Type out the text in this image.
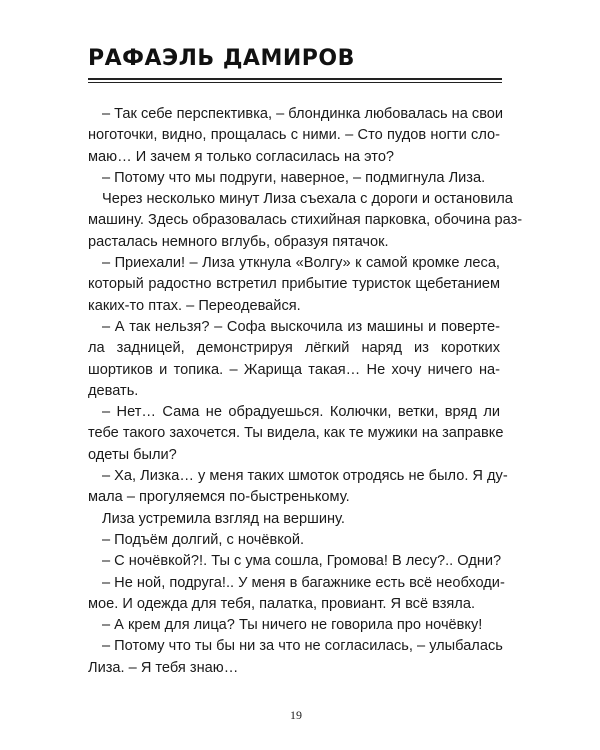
РАФАЭЛЬ ДАМИРОВ
– Так себе перспективка, – блондинка любовалась на свои
ноготочки, видно, прощалась с ними. – Сто пудов ногти сло-
маю… И зачем я только согласилась на это?
– Потому что мы подруги, наверное, – подмигнула Лиза.
Через несколько минут Лиза съехала с дороги и остановила
машину. Здесь образовалась стихийная парковка, обочина раз-
расталась немного вглубь, образуя пятачок.
– Приехали! – Лиза уткнула «Волгу» к самой кромке леса,
который радостно встретил прибытие туристок щебетанием
каких-то птах. – Переодевайся.
– А так нельзя? – Софа выскочила из машины и поверте-
ла задницей, демонстрируя лёгкий наряд из коротких
шортиков и топика. – Жарища такая… Не хочу ничего на-
девать.
– Нет… Сама не обрадуешься. Колючки, ветки, вряд ли
тебе такого захочется. Ты видела, как те мужики на заправке
одеты были?
– Ха, Лизка… у меня таких шмоток отродясь не было. Я ду-
мала – прогуляемся по-быстренькому.
Лиза устремила взгляд на вершину.
– Подъём долгий, с ночёвкой.
– С ночёвкой?!. Ты с ума сошла, Громова! В лесу?.. Одни?
– Не ной, подруга!.. У меня в багажнике есть всё необходи-
мое. И одежда для тебя, палатка, провиант. Я всё взяла.
– А крем для лица? Ты ничего не говорила про ночёвку!
– Потому что ты бы ни за что не согласилась, – улыбалась
Лиза. – Я тебя знаю…
19
